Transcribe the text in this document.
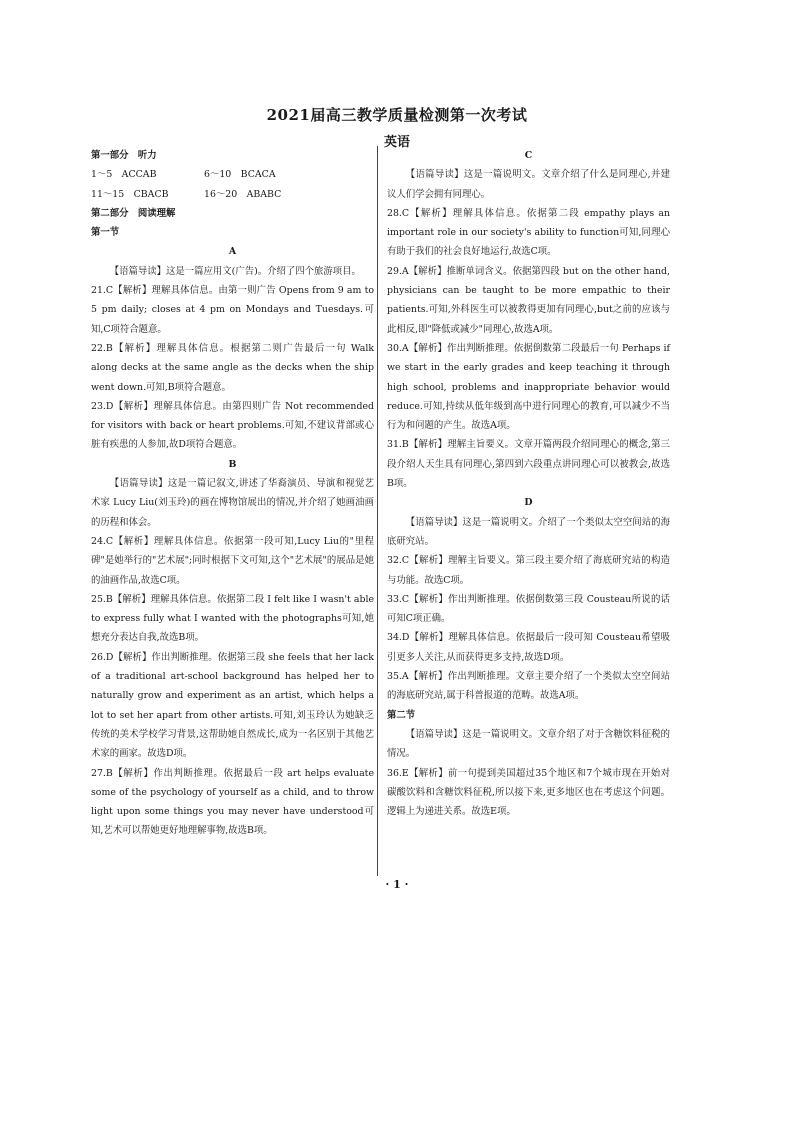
2021届高三教学质量检测第一次考试
英语

第一部分　听力

1～5　ACCAB	6～10　BCACA
11～15　CBACB	16～20　ABABC

第二部分　阅读理解

第一节

A

【语篇导读】这是一篇应用文(广告)。介绍了四个旅游项目。

21.C【解析】理解具体信息。由第一则广告 Opens from 9 am to 5 pm daily; closes at 4 pm on Mondays and Tuesdays.可知,C项符合题意。

22.B【解析】理解具体信息。根据第二则广告最后一句 Walk along decks at the same angle as the decks when the ship went down.可知,B项符合题意。

23.D【解析】理解具体信息。由第四则广告 Not recommended for visitors with back or heart problems.可知,不建议背部或心脏有疾患的人参加,故D项符合题意。

B

【语篇导读】这是一篇记叙文,讲述了华裔演员、导演和视觉艺术家 Lucy Liu(刘玉玲)的画在博物馆展出的情况,并介绍了她画油画的历程和体会。

24.C【解析】理解具体信息。依据第一段可知,Lucy Liu的"里程碑"是她举行的"艺术展";同时根据下文可知,这个"艺术展"的展品是她的油画作品,故选C项。

25.B【解析】理解具体信息。依据第二段 I felt like I wasn't able to express fully what I wanted with the photographs可知,她想充分表达自我,故选B项。

26.D【解析】作出判断推理。依据第三段 she feels that her lack of a traditional art-school background has helped her to naturally grow and experiment as an artist, which helps a lot to set her apart from other artists.可知,刘玉玲认为她缺乏传统的美术学校学习背景,这帮助她自然成长,成为一名区别于其他艺术家的画家。故选D项。

27.B【解析】作出判断推理。依据最后一段 art helps evaluate some of the psychology of yourself as a child, and to throw light upon some things you may never have understood可知,艺术可以帮她更好地理解事物,故选B项。

C

【语篇导读】这是一篇说明文。文章介绍了什么是同理心,并建议人们学会拥有同理心。

28.C【解析】理解具体信息。依据第二段 empathy plays an important role in our society's ability to function可知,同理心有助于我们的社会良好地运行,故选C项。

29.A【解析】推断单词含义。依据第四段 but on the other hand, physicians can be taught to be more empathic to their patients.可知,外科医生可以被教得更加有同理心,but之前的应该与此相反,即"降低或减少"同理心,故选A项。

30.A【解析】作出判断推理。依据倒数第二段最后一句 Perhaps if we start in the early grades and keep teaching it through high school, problems and inappropriate behavior would reduce.可知,持续从低年级到高中进行同理心的教育,可以减少不当行为和问题的产生。故选A项。

31.B【解析】理解主旨要义。文章开篇两段介绍同理心的概念,第三段介绍人天生具有同理心,第四到六段重点讲同理心可以被教会,故选B项。

D

【语篇导读】这是一篇说明文。介绍了一个类似太空空间站的海底研究站。

32.C【解析】理解主旨要义。第三段主要介绍了海底研究站的构造与功能。故选C项。

33.C【解析】作出判断推理。依据倒数第三段 Cousteau所说的话可知C项正确。

34.D【解析】理解具体信息。依据最后一段可知 Cousteau希望吸引更多人关注,从而获得更多支持,故选D项。

35.A【解析】作出判断推理。文章主要介绍了一个类似太空空间站的海底研究站,属于科普报道的范畴。故选A项。

第二节

【语篇导读】这是一篇说明文。文章介绍了对于含糖饮料征税的情况。

36.E【解析】前一句提到美国超过35个地区和7个城市现在开始对碳酸饮料和含糖饮料征税,所以接下来,更多地区也在考虑这个问题。逻辑上为递进关系。故选E项。

· 1 ·
